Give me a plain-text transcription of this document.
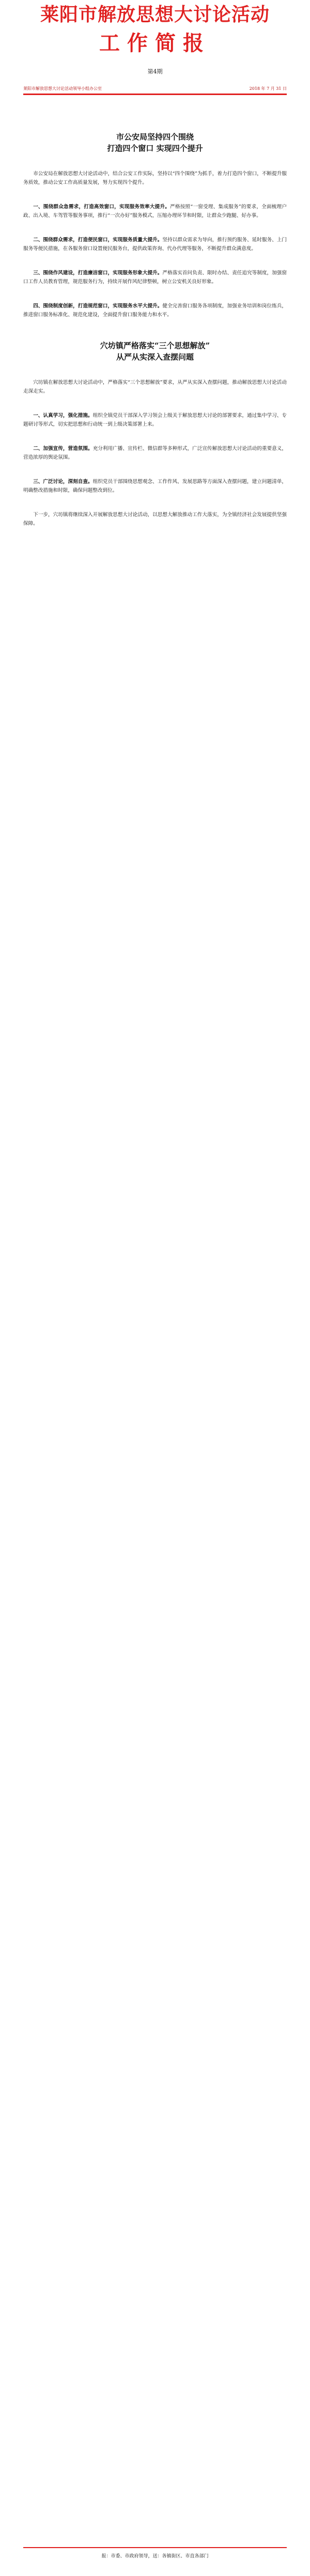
莱阳市解放思想大讨论活动
工作简报
第4期
莱阳市解放思想大讨论活动领导小组办公室	2018 年 7 月 31 日
市公安局坚持四个围绕
打造四个窗口 实现四个提升

市公安局在解放思想大讨论活动中，结合公安工作实际，坚持以“四个围绕”为抓手，着力打造四个窗口，不断提升服务质效，推动公安工作高质量发展，努力实现四个提升。

一、围绕群众急需求，打造高效窗口，实现服务效率大提升。严格按照“一窗受理、集成服务”的要求，全面梳理户政、出入境、车驾管等服务事项，推行“一次办好”服务模式，压缩办理环节和时限，让群众少跑腿、好办事。

二、围绕群众需求，打造便民窗口，实现服务质量大提升。坚持以群众需求为导向，推行预约服务、延时服务、上门服务等便民措施，在各服务窗口设置便民服务台，提供政策咨询、代办代理等服务，不断提升群众满意度。

三、围绕作风建设，打造廉洁窗口，实现服务形象大提升。严格落实首问负责、限时办结、责任追究等制度，加强窗口工作人员教育管理，规范服务行为，持续开展作风纪律整顿，树立公安机关良好形象。

四、围绕制度创新，打造规范窗口，实现服务水平大提升。健全完善窗口服务各项制度，加强业务培训和岗位练兵，推进窗口服务标准化、规范化建设，全面提升窗口服务能力和水平。

穴坊镇严格落实“三个思想解放”
从严从实深入查摆问题

穴坊镇在解放思想大讨论活动中，严格落实“三个思想解放”要求，从严从实深入查摆问题，推动解放思想大讨论活动走深走实。

一、认真学习，强化措施。组织全镇党员干部深入学习领会上级关于解放思想大讨论的部署要求，通过集中学习、专题研讨等形式，切实把思想和行动统一到上级决策部署上来。

二、加强宣传，营造氛围。充分利用广播、宣传栏、微信群等多种形式，广泛宣传解放思想大讨论活动的重要意义，营造浓厚的舆论氛围。

三、广泛讨论，深刻自查。组织党员干部围绕思想观念、工作作风、发展思路等方面深入查摆问题，建立问题清单，明确整改措施和时限，确保问题整改到位。

下一步，穴坊镇将继续深入开展解放思想大讨论活动，以思想大解放推动工作大落实，为全镇经济社会发展提供坚强保障。

报：市委、市政府领导，送：各镇街区、市直各部门
